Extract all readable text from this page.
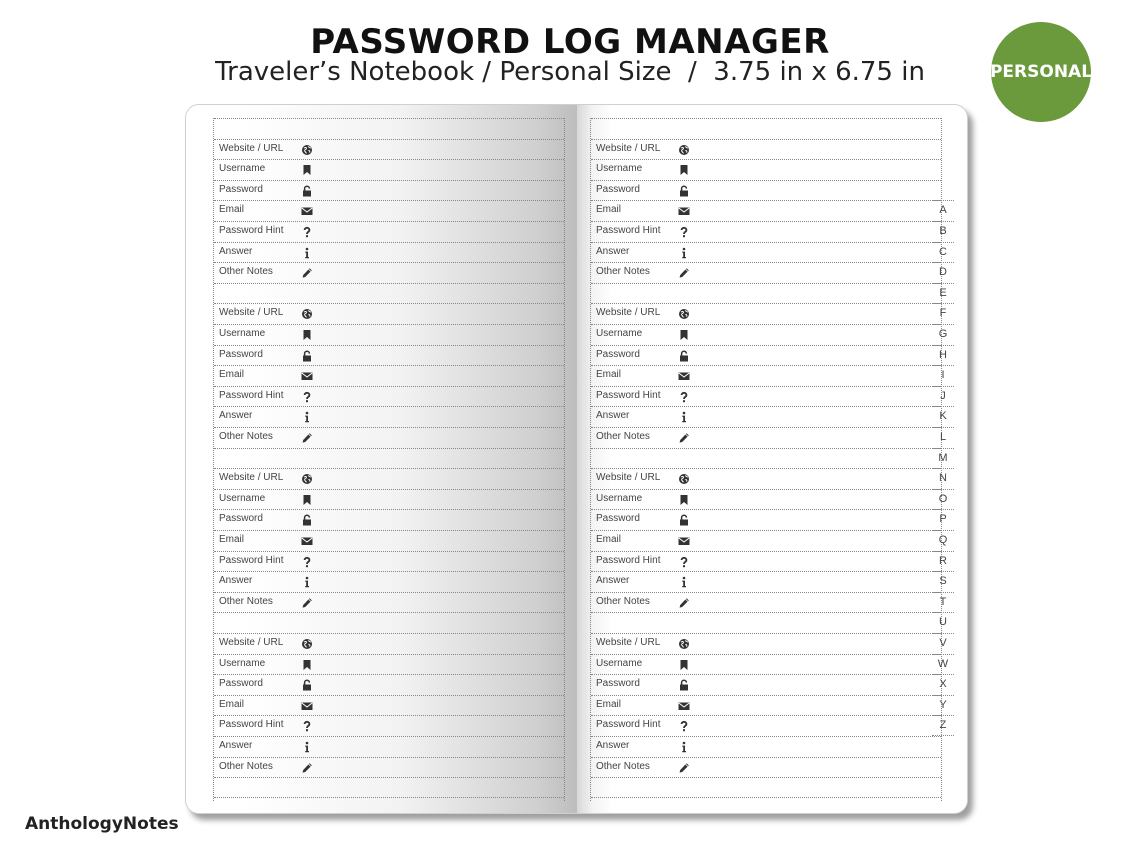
PASSWORD LOG MANAGER
Traveler’s Notebook / Personal Size  /  3.75 in x 6.75 in	PERSONAL
Website / URL
Username
Password
Email
Password Hint
Answer
Other Notes
Website / URL
Username
Password
Email
Password Hint
Answer
Other Notes
Website / URL
Username
Password
Email
Password Hint
Answer
Other Notes
Website / URL
Username
Password
Email
Password Hint
Answer
Other Notes
Website / URL
Username
Password
Email
Password Hint
Answer
Other Notes
Website / URL
Username
Password
Email
Password Hint
Answer
Other Notes
Website / URL
Username
Password
Email
Password Hint
Answer
Other Notes
Website / URL
Username
Password
Email
Password Hint
Answer
Other Notes
A
B
C
D
E
F
G
H
I
J
K
L
M
N
O
P
Q
R
S
T
U
V
W
X
Y
Z
AnthologyNotes
